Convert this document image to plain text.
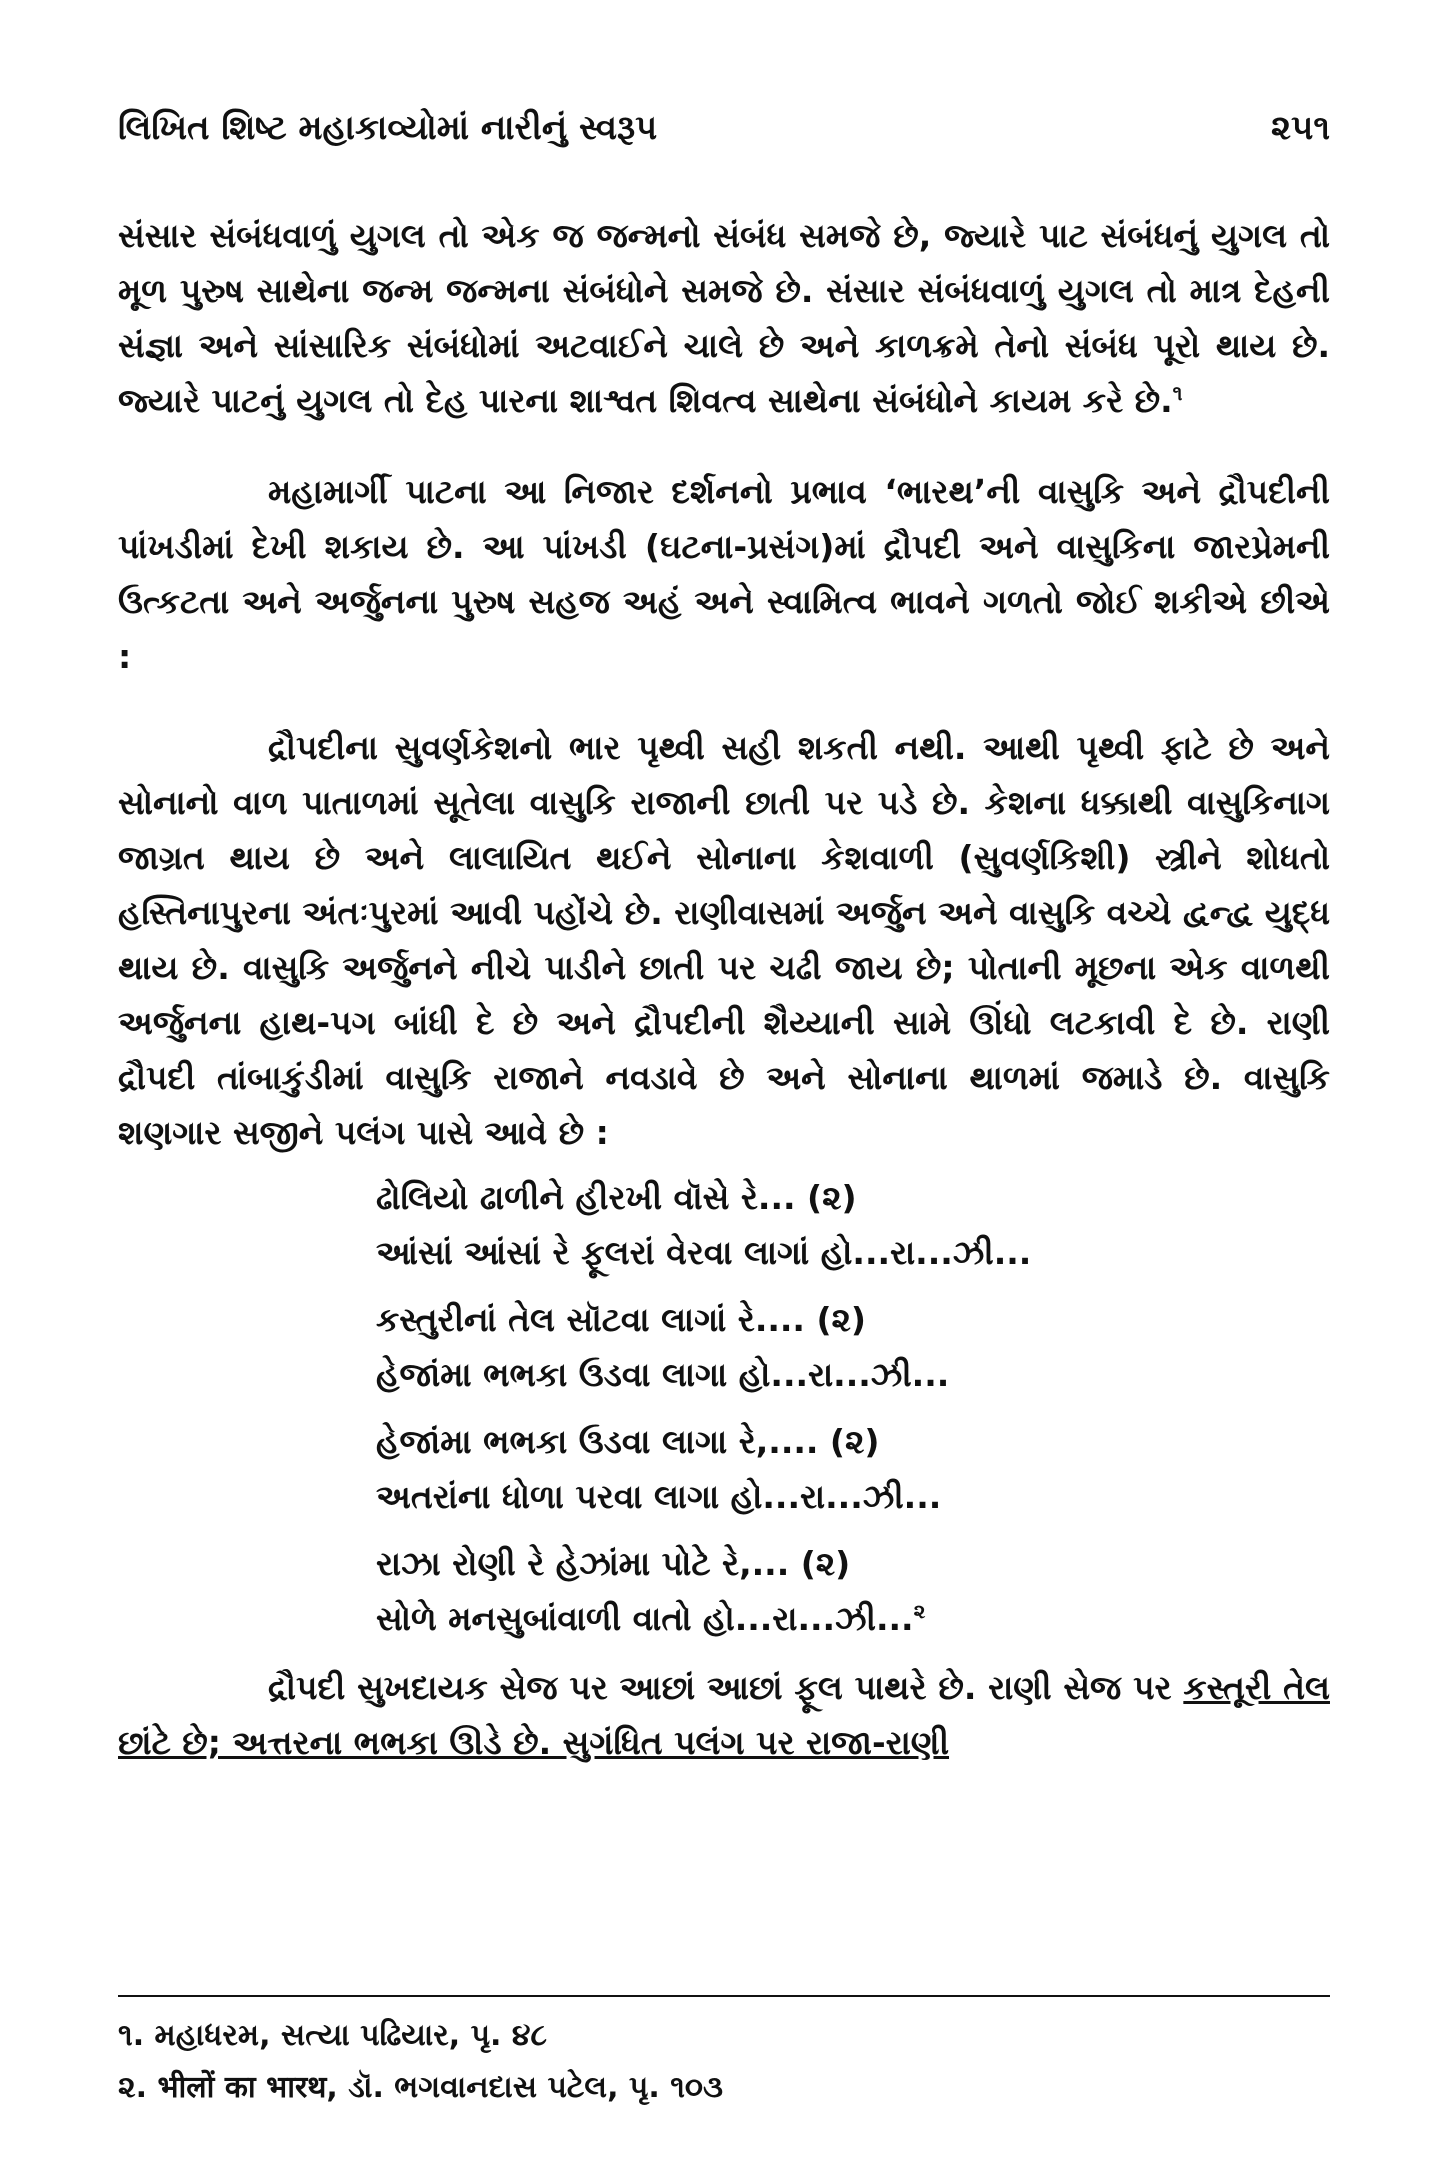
લિખિત શિષ્ટ મહાકાવ્યોમાં નારીનું સ્વરૂપ	૨૫૧

સંસાર સંબંધવાળું યુગલ તો એક જ જન્મનો સંબંધ સમજે છે, જ્યારે પાટ સંબંધનું યુગલ તો મૂળ પુરુષ સાથેના જન્મ જન્મના સંબંધોને સમજે છે. સંસાર સંબંધવાળું યુગલ તો માત્ર દેહની સંજ્ઞા અને સાંસારિક સંબંધોમાં અટવાઈને ચાલે છે અને કાળક્રમે તેનો સંબંધ પૂરો થાય છે. જ્યારે પાટનું યુગલ તો દેહ પારના શાશ્વત શિવત્વ સાથેના સંબંધોને કાયમ કરે છે.$^૧$

મહામાર્ગી પાટના આ નિજાર દર્શનનો પ્રભાવ ‘ભારથ’ની વાસુકિ અને દ્રૌપદીની પાંખડીમાં દેખી શકાય છે. આ પાંખડી (ઘટના-પ્રસંગ)માં દ્રૌપદી અને વાસુકિના જારપ્રેમની ઉત્કટતા અને અર્જુનના પુરુષ સહજ અહં અને સ્વામિત્વ ભાવને ગળતો જોઈ શકીએ છીએ :

દ્રૌપદીના સુવર્ણકેશનો ભાર પૃથ્વી સહી શકતી નથી. આથી પૃથ્વી ફાટે છે અને સોનાનો વાળ પાતાળમાં સૂતેલા વાસુકિ રાજાની છાતી પર પડે છે. કેશના ધક્કાથી વાસુકિનાગ જાગ્રત થાય છે અને લાલાયિત થઈને સોનાના કેશવાળી (સુવર્ણકિશી) સ્ત્રીને શોધતો હસ્તિનાપુરના અંતઃપુરમાં આવી પહોંચે છે. રાણીવાસમાં અર્જુન અને વાસુકિ વચ્ચે દ્વન્દ્વ યુદ્ધ થાય છે. વાસુકિ અર્જુનને નીચે પાડીને છાતી પર ચઢી જાય છે; પોતાની મૂછના એક વાળથી અર્જુનના હાથ-પગ બાંધી દે છે અને દ્રૌપદીની શૈય્યાની સામે ઊંધો લટકાવી દે છે. રાણી દ્રૌપદી તાંબાકુંડીમાં વાસુકિ રાજાને નવડાવે છે અને સોનાના થાળમાં જમાડે છે. વાસુકિ શણગાર સજીને પલંગ પાસે આવે છે :

ઢોલિયો ઢાળીને હીરખી વૉસે રે... (૨)
આંસાં આંસાં રે ફૂલરાં વેરવા લાગાં હો...રા...ઝી...
કસ્તુરીનાં તેલ સૉટવા લાગાં રે.... (૨)
હેજાંમા ભભકા ઉડવા લાગા હો...રા...ઝી...
હેજાંમા ભભકા ઉડવા લાગા રે,.... (૨)
અતરાંના ધોળા પરવા લાગા હો...રા...ઝી...
રાઝા રોણી રે હેઝાંમા પોટે રે,... (૨)
સોળે મનસુબાંવાળી વાતો હો...રા...ઝી...$^૨$

દ્રૌપદી સુખદાયક સેજ પર આછાં આછાં ફૂલ પાથરે છે. રાણી સેજ પર કસ્તૂરી તેલ છાંટે છે; અત્તરના ભભકા ઊડે છે. સુગંધિત પલંગ પર રાજા-રાણી

૧. મહાધરમ, સત્યા પઢિયાર, પૃ. ૪૮
૨. भीलों का भारथ, ડૉ. ભગવાનદાસ પટેલ, પૃ. ૧૦૩
